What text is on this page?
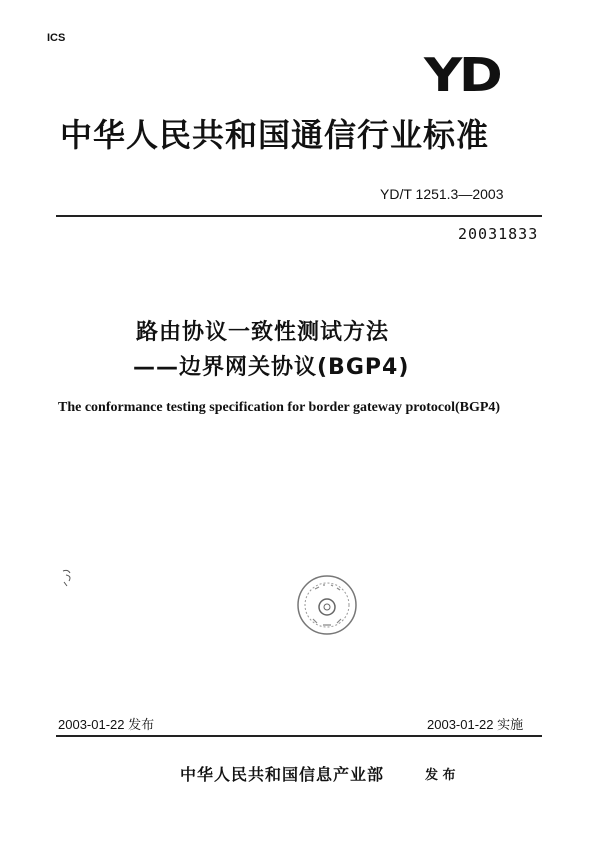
ICS
YD
中华人民共和国通信行业标准
YD/T 1251.3—2003
20031833
路由协议一致性测试方法
——边界网关协议(BGP4)
The conformance testing specification for border gateway protocol(BGP4)
2003-01-22 发布	2003-01-22 实施
中华人民共和国信息产业部	发 布
